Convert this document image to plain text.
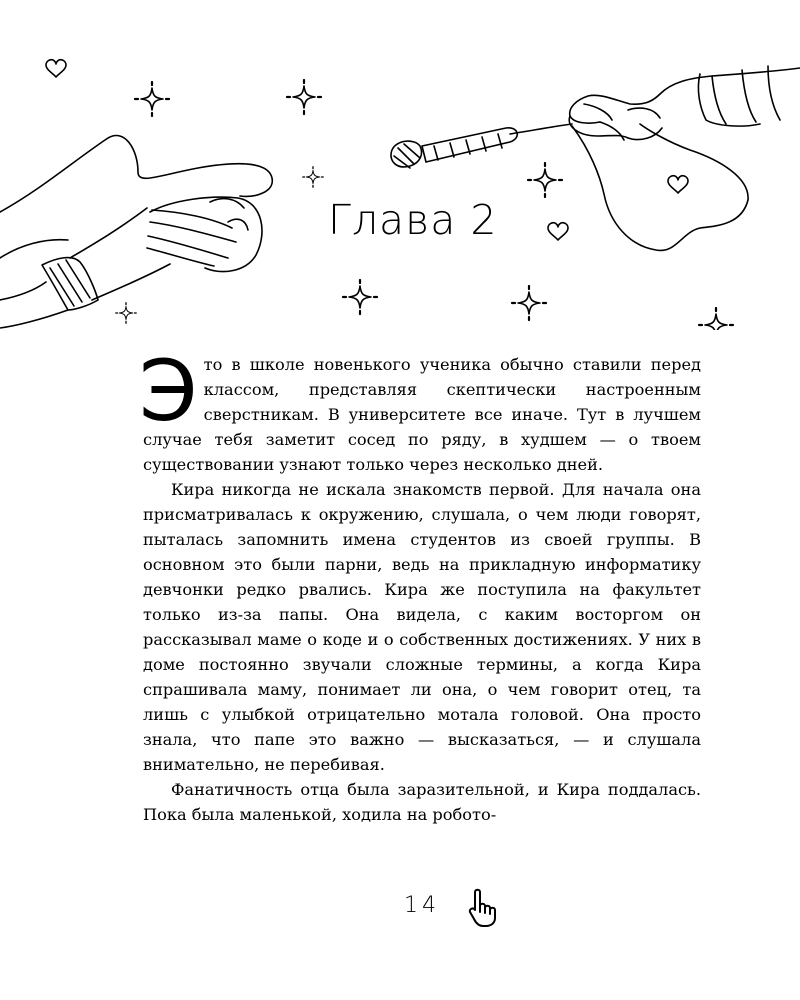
Глава 2

Это в школе новенького ученика обычно ставили перед классом, представляя скептически настроенным сверстникам. В университете все иначе. Тут в лучшем случае тебя заметит сосед по ряду, в худшем — о твоем существовании узнают только через несколько дней.

Кира никогда не искала знакомств первой. Для начала она присматривалась к окружению, слушала, о чем люди говорят, пыталась запомнить имена студентов из своей группы. В основном это были парни, ведь на прикладную информатику девчонки редко рвались. Кира же поступила на факультет только из-за папы. Она видела, с каким восторгом он рассказывал маме о коде и о собственных достижениях. У них в доме постоянно звучали сложные термины, а когда Кира спрашивала маму, понимает ли она, о чем говорит отец, та лишь с улыбкой отрицательно мотала головой. Она просто знала, что папе это важно — высказаться, — и слушала внимательно, не перебивая.

Фанатичность отца была заразительной, и Кира поддалась. Пока была маленькой, ходила на робото-

14
